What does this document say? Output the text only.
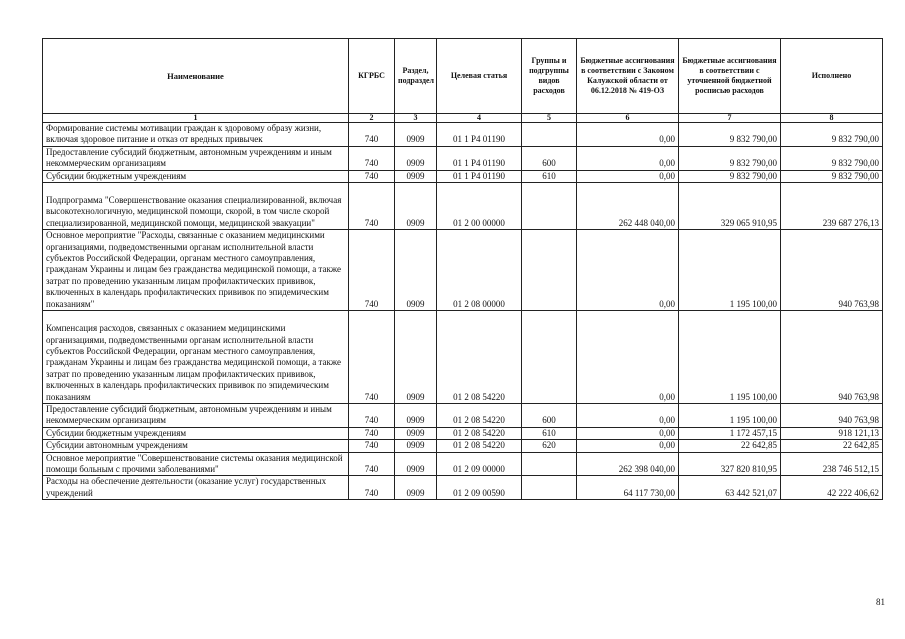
Наименование	КГРБС	Раздел, подраздел	Целевая статья	Группы и подгруппы видов расходов	Бюджетные ассигнования в соответствии с Законом Калужской области от 06.12.2018 № 419-ОЗ	Бюджетные ассигнования в соответствии с уточненной бюджетной росписью расходов	Исполнено
1	2	3	4	5	6	7	8
Формирование системы мотивации граждан к здоровому образу жизни, включая здоровое питание и отказ от вредных привычек	740	0909	01 1 Р4 01190		0,00	9 832 790,00	9 832 790,00
Предоставление субсидий бюджетным, автономным учреждениям и иным некоммерческим организациям	740	0909	01 1 Р4 01190	600	0,00	9 832 790,00	9 832 790,00
Субсидии бюджетным учреждениям	740	0909	01 1 Р4 01190	610	0,00	9 832 790,00	9 832 790,00
Подпрограмма "Совершенствование оказания специализированной, включая высокотехнологичную, медицинской помощи, скорой, в том числе скорой специализированной, медицинской помощи, медицинской эвакуации"	740	0909	01 2 00 00000		262 448 040,00	329 065 910,95	239 687 276,13
Основное мероприятие "Расходы, связанные с оказанием медицинскими организациями, подведомственными органам исполнительной власти субъектов Российской Федерации, органам местного самоуправления, гражданам Украины и лицам без гражданства медицинской помощи, а также затрат по проведению указанным лицам профилактических прививок, включенных в календарь профилактических прививок по эпидемическим показаниям"	740	0909	01 2 08 00000		0,00	1 195 100,00	940 763,98
Компенсация расходов, связанных с оказанием медицинскими организациями, подведомственными органам исполнительной власти субъектов Российской Федерации, органам местного самоуправления, гражданам Украины и лицам без гражданства медицинской помощи, а также затрат по проведению указанным лицам профилактических прививок, включенных в календарь профилактических прививок по эпидемическим показаниям	740	0909	01 2 08 54220		0,00	1 195 100,00	940 763,98
Предоставление субсидий бюджетным, автономным учреждениям и иным некоммерческим организациям	740	0909	01 2 08 54220	600	0,00	1 195 100,00	940 763,98
Субсидии бюджетным учреждениям	740	0909	01 2 08 54220	610	0,00	1 172 457,15	918 121,13
Субсидии автономным учреждениям	740	0909	01 2 08 54220	620	0,00	22 642,85	22 642,85
Основное мероприятие "Совершенствование системы оказания медицинской помощи больным с прочими заболеваниями"	740	0909	01 2 09 00000		262 398 040,00	327 820 810,95	238 746 512,15
Расходы на обеспечение деятельности (оказание услуг) государственных учреждений	740	0909	01 2 09 00590		64 117 730,00	63 442 521,07	42 222 406,62
81
